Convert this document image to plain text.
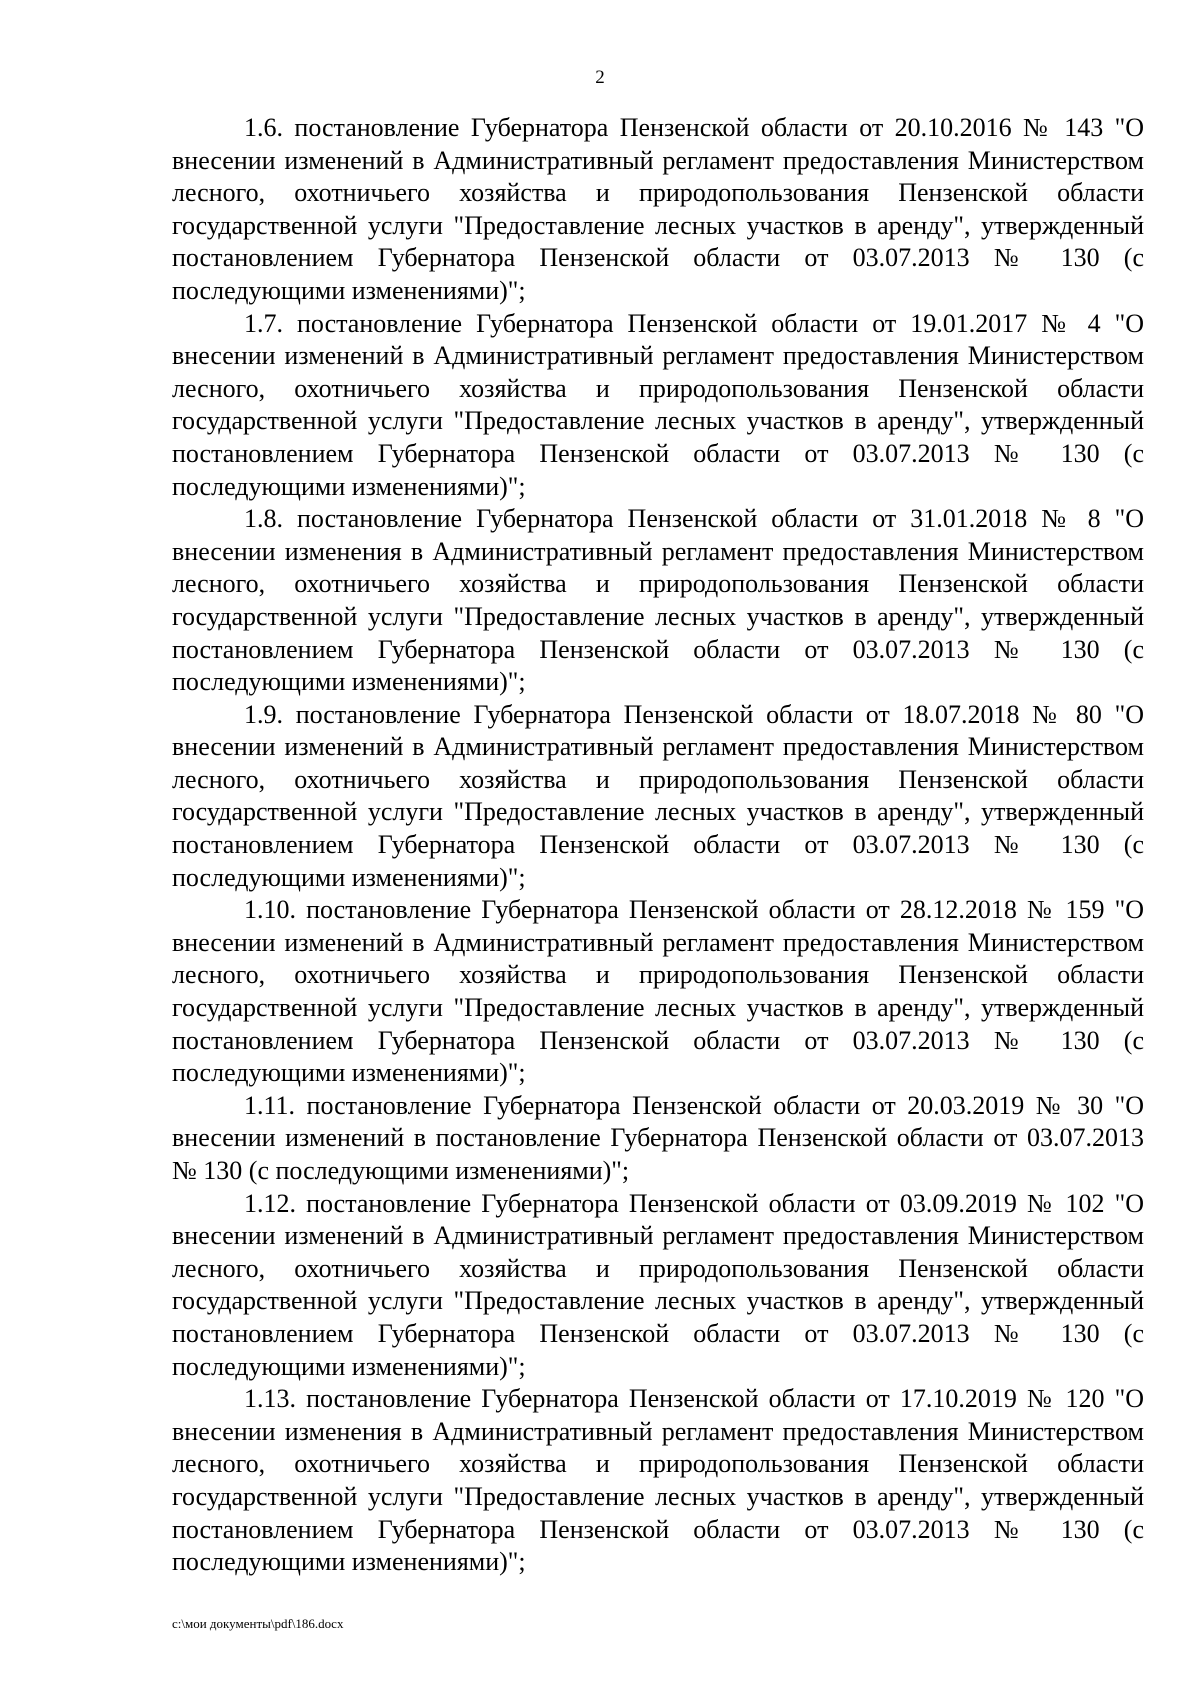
2

1.6. постановление Губернатора Пензенской области от 20.10.2016 № 143 "О внесении изменений в Административный регламент предоставления Министерством лесного, охотничьего хозяйства и природопользования Пензенской области государственной услуги "Предоставление лесных участков в аренду", утвержденный постановлением Губернатора Пензенской области от 03.07.2013 № 130 (с последующими изменениями)";

1.7. постановление Губернатора Пензенской области от 19.01.2017 № 4 "О внесении изменений в Административный регламент предоставления Министерством лесного, охотничьего хозяйства и природопользования Пензенской области государственной услуги "Предоставление лесных участков в аренду", утвержденный постановлением Губернатора Пензенской области от 03.07.2013 № 130 (с последующими изменениями)";

1.8. постановление Губернатора Пензенской области от 31.01.2018 № 8 "О внесении изменения в Административный регламент предоставления Министерством лесного, охотничьего хозяйства и природопользования Пензенской области государственной услуги "Предоставление лесных участков в аренду", утвержденный постановлением Губернатора Пензенской области от 03.07.2013 № 130 (с последующими изменениями)";

1.9. постановление Губернатора Пензенской области от 18.07.2018 № 80 "О внесении изменений в Административный регламент предоставления Министерством лесного, охотничьего хозяйства и природопользования Пензенской области государственной услуги "Предоставление лесных участков в аренду", утвержденный постановлением Губернатора Пензенской области от 03.07.2013 № 130 (с последующими изменениями)";

1.10. постановление Губернатора Пензенской области от 28.12.2018 № 159 "О внесении изменений в Административный регламент предоставления Министерством лесного, охотничьего хозяйства и природопользования Пензенской области государственной услуги "Предоставление лесных участков в аренду", утвержденный постановлением Губернатора Пензенской области от 03.07.2013 № 130 (с последующими изменениями)";

1.11. постановление Губернатора Пензенской области от 20.03.2019 № 30 "О внесении изменений в постановление Губернатора Пензенской области от 03.07.2013 № 130 (с последующими изменениями)";

1.12. постановление Губернатора Пензенской области от 03.09.2019 № 102 "О внесении изменений в Административный регламент предоставления Министерством лесного, охотничьего хозяйства и природопользования Пензенской области государственной услуги "Предоставление лесных участков в аренду", утвержденный постановлением Губернатора Пензенской области от 03.07.2013 № 130 (с последующими изменениями)";

1.13. постановление Губернатора Пензенской области от 17.10.2019 № 120 "О внесении изменения в Административный регламент предоставления Министерством лесного, охотничьего хозяйства и природопользования Пензенской области государственной услуги "Предоставление лесных участков в аренду", утвержденный постановлением Губернатора Пензенской области от 03.07.2013 № 130 (с последующими изменениями)";

c:\мои документы\pdf\186.docx
